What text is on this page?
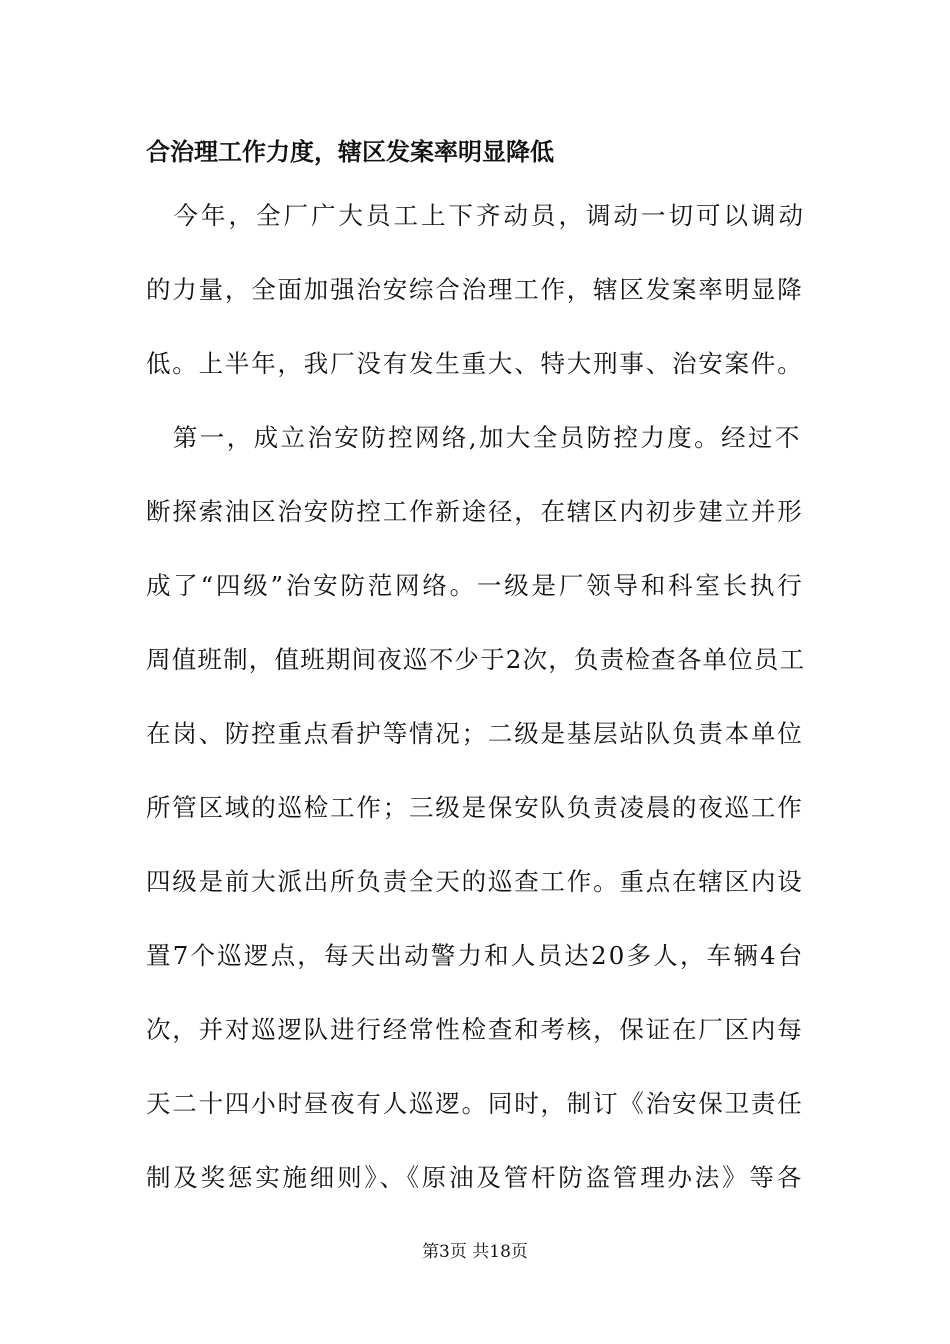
合治理工作力度，辖区发案率明显降低
　今年，全厂广大员工上下齐动员，调动一切可以调动
的力量，全面加强治安综合治理工作，辖区发案率明显降
低。上半年，我厂没有发生重大、特大刑事、治安案件。
　第一，成立治安防控网络,加大全员防控力度。经过不
断探索油区治安防控工作新途径，在辖区内初步建立并形
成了“四级”治安防范网络。一级是厂领导和科室长执行
周值班制，值班期间夜巡不少于2次，负责检查各单位员工
在岗、防控重点看护等情况；二级是基层站队负责本单位
所管区域的巡检工作；三级是保安队负责凌晨的夜巡工作
四级是前大派出所负责全天的巡查工作。重点在辖区内设
置7个巡逻点，每天出动警力和人员达20多人，车辆4台
次，并对巡逻队进行经常性检查和考核，保证在厂区内每
天二十四小时昼夜有人巡逻。同时，制订《治安保卫责任
制及奖惩实施细则》、《原油及管杆防盗管理办法》等各
第3页 共18页
